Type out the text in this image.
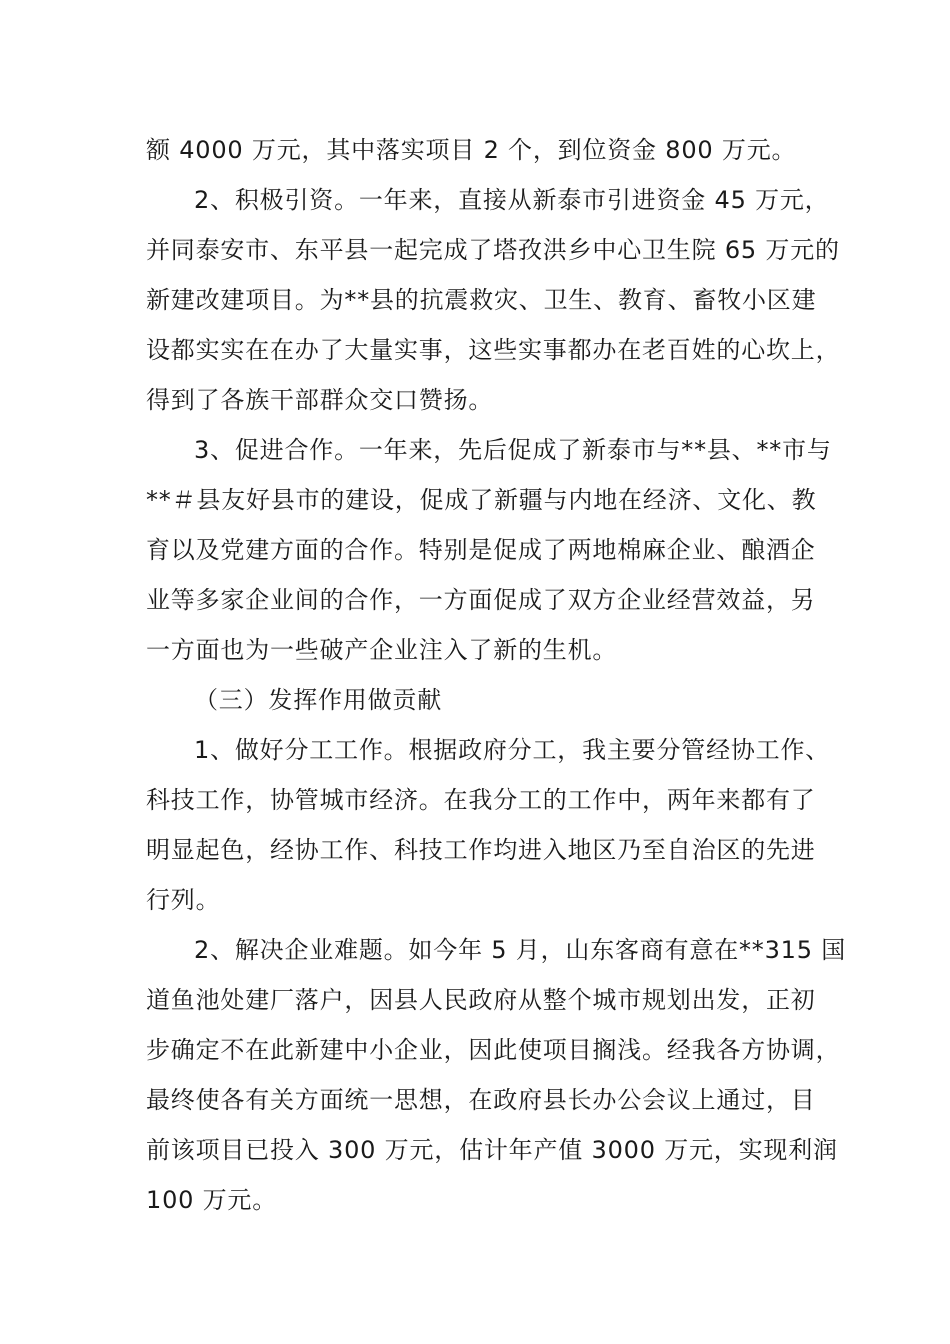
额 4000 万元，其中落实项目 2 个，到位资金 800 万元。
2、积极引资。一年来，直接从新泰市引进资金 45 万元，
并同泰安市、东平县一起完成了塔孜洪乡中心卫生院 65 万元的
新建改建项目。为**县的抗震救灾、卫生、教育、畜牧小区建
设都实实在在办了大量实事，这些实事都办在老百姓的心坎上，
得到了各族干部群众交口赞扬。
3、促进合作。一年来，先后促成了新泰市与**县、**市与
**＃县友好县市的建设，促成了新疆与内地在经济、文化、教
育以及党建方面的合作。特别是促成了两地棉麻企业、酿酒企
业等多家企业间的合作，一方面促成了双方企业经营效益，另
一方面也为一些破产企业注入了新的生机。
（三）发挥作用做贡献
1、做好分工工作。根据政府分工，我主要分管经协工作、
科技工作，协管城市经济。在我分工的工作中，两年来都有了
明显起色，经协工作、科技工作均进入地区乃至自治区的先进
行列。
2、解决企业难题。如今年 5 月，山东客商有意在**315 国
道鱼池处建厂落户，因县人民政府从整个城市规划出发，正初
步确定不在此新建中小企业，因此使项目搁浅。经我各方协调，
最终使各有关方面统一思想，在政府县长办公会议上通过，目
前该项目已投入 300 万元，估计年产值 3000 万元，实现利润
100 万元。
